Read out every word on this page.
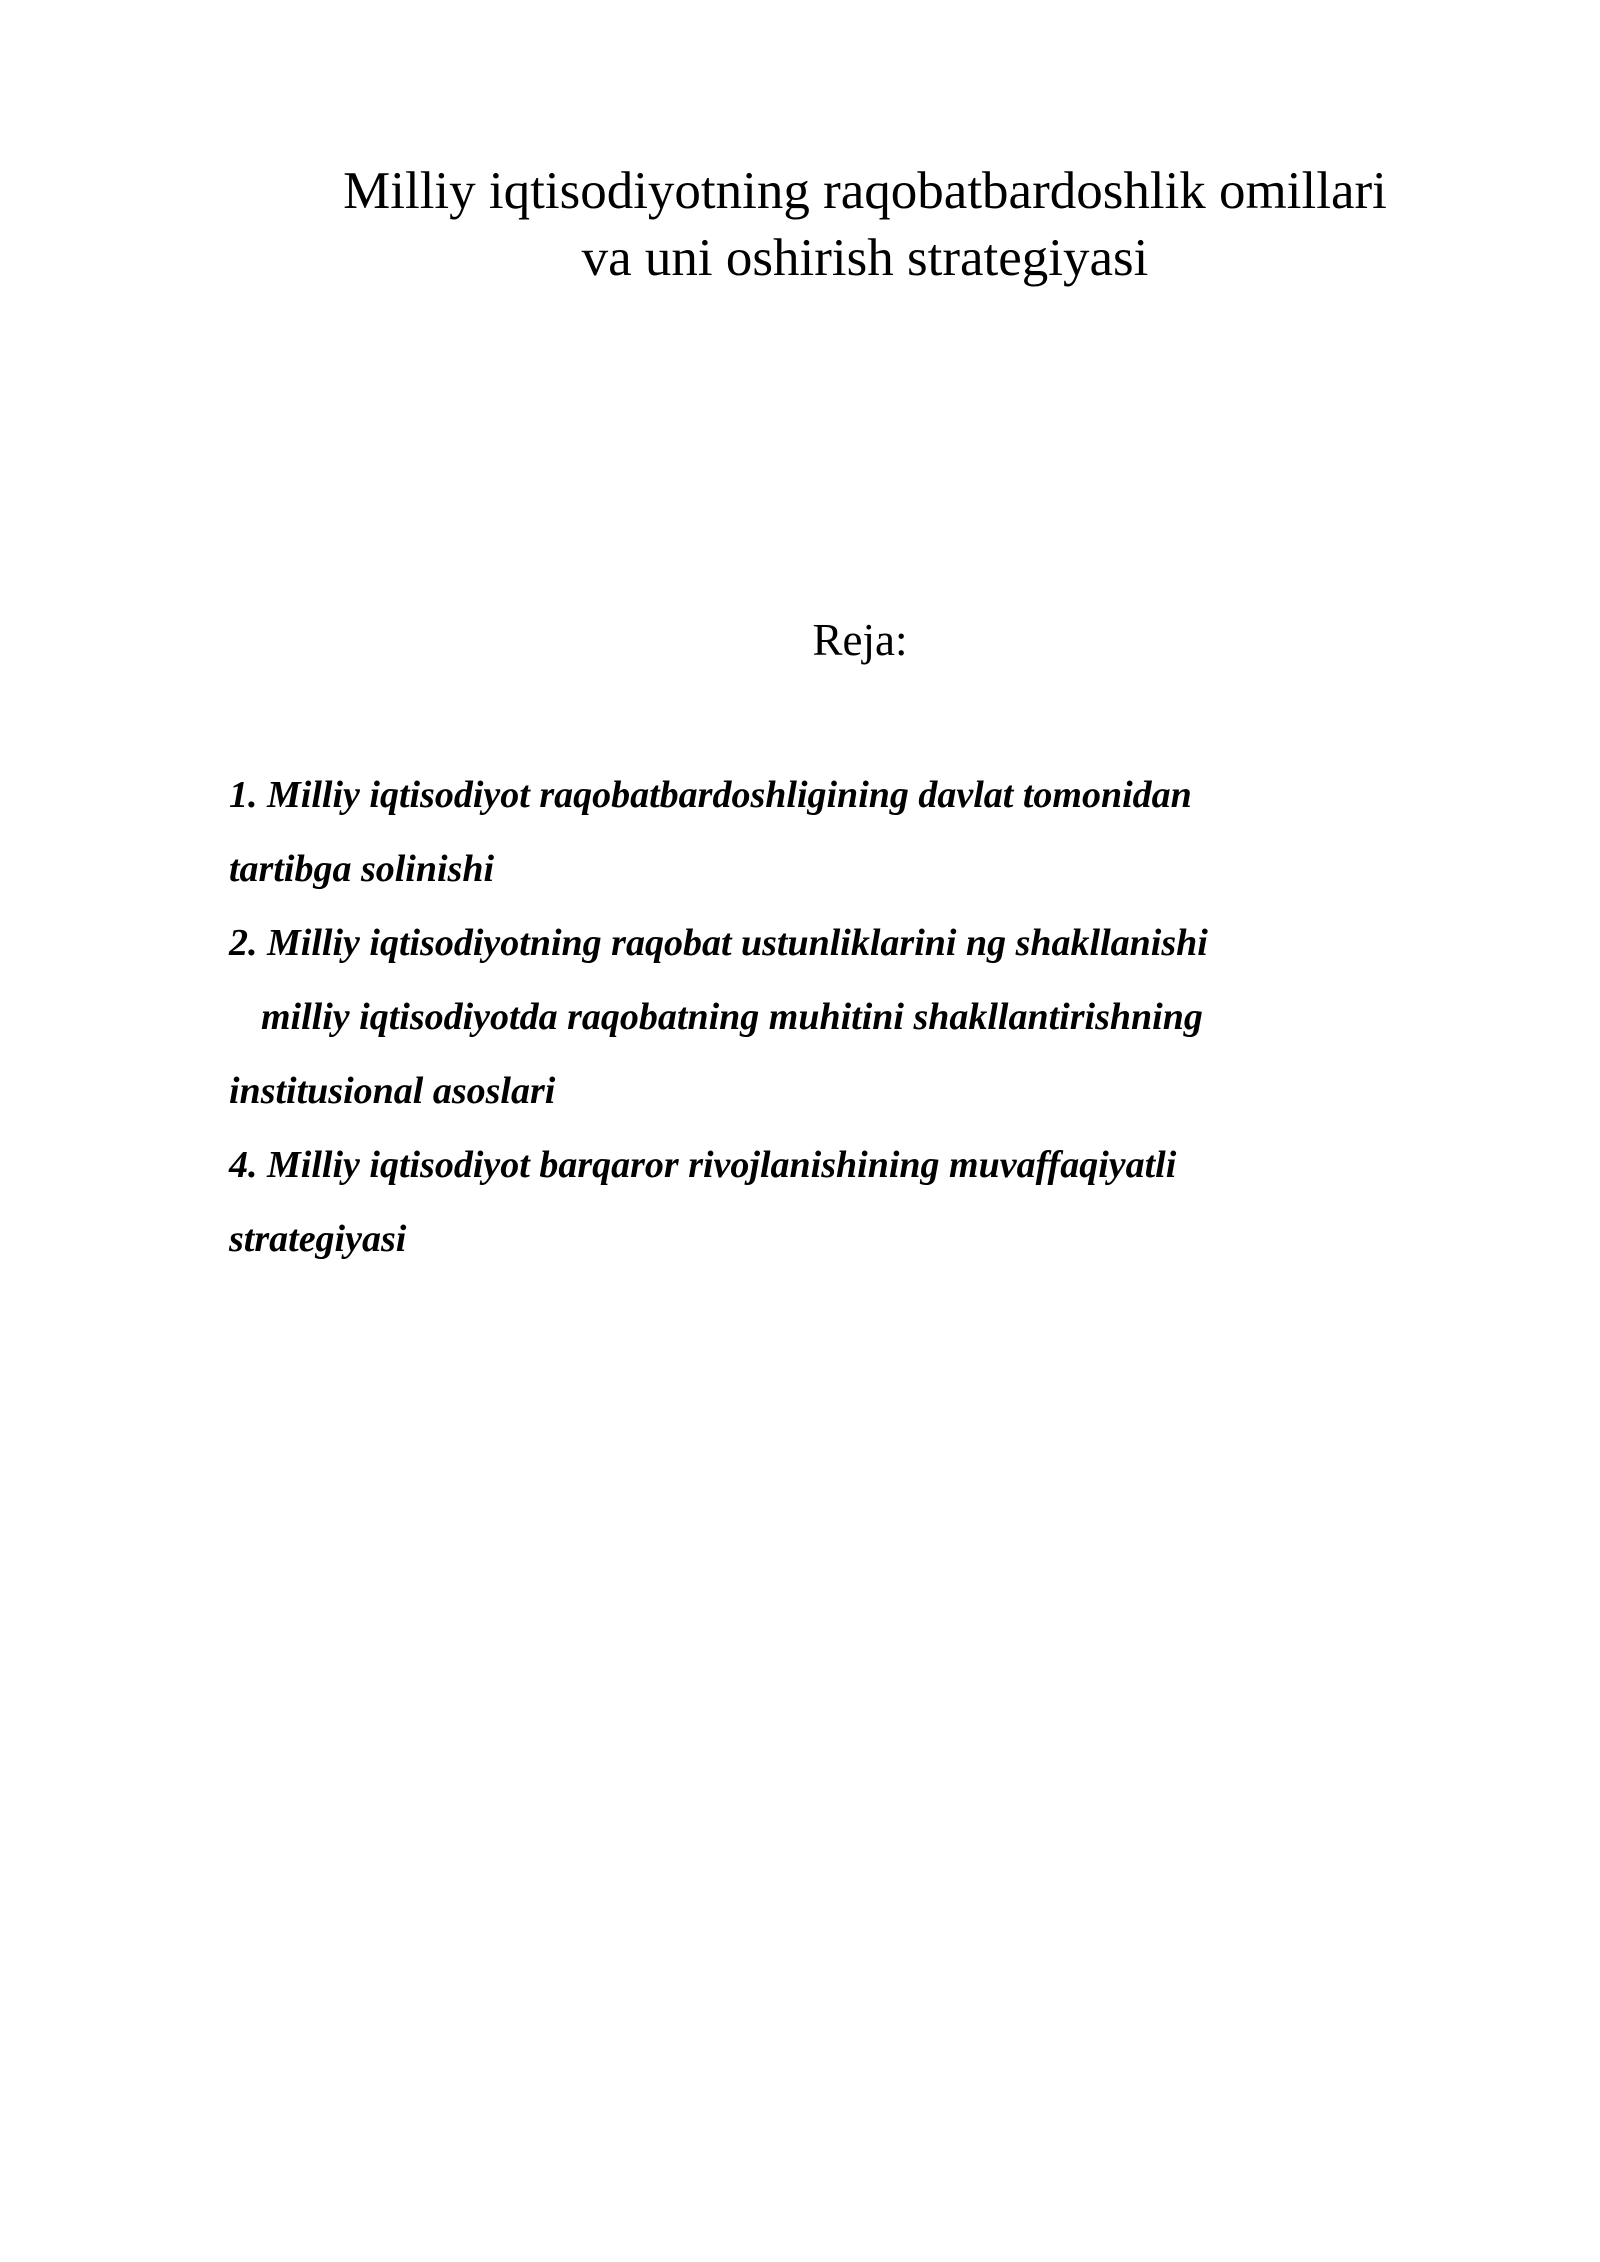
Milliy iqtisodiyotning raqobatbardoshlik omillari
va uni oshirish strategiyasi
Reja:
1. Milliy iqtisodiyot raqobatbardoshligining davlat tomonidan
tartibga solinishi
2. Milliy iqtisodiyotning raqobat ustunliklarini ng shakllanishi
milliy iqtisodiyotda raqobatning muhitini shakllantirishning
institusional asoslari
4. Milliy iqtisodiyot barqaror rivojlanishining muvaffaqiyatli
strategiyasi
